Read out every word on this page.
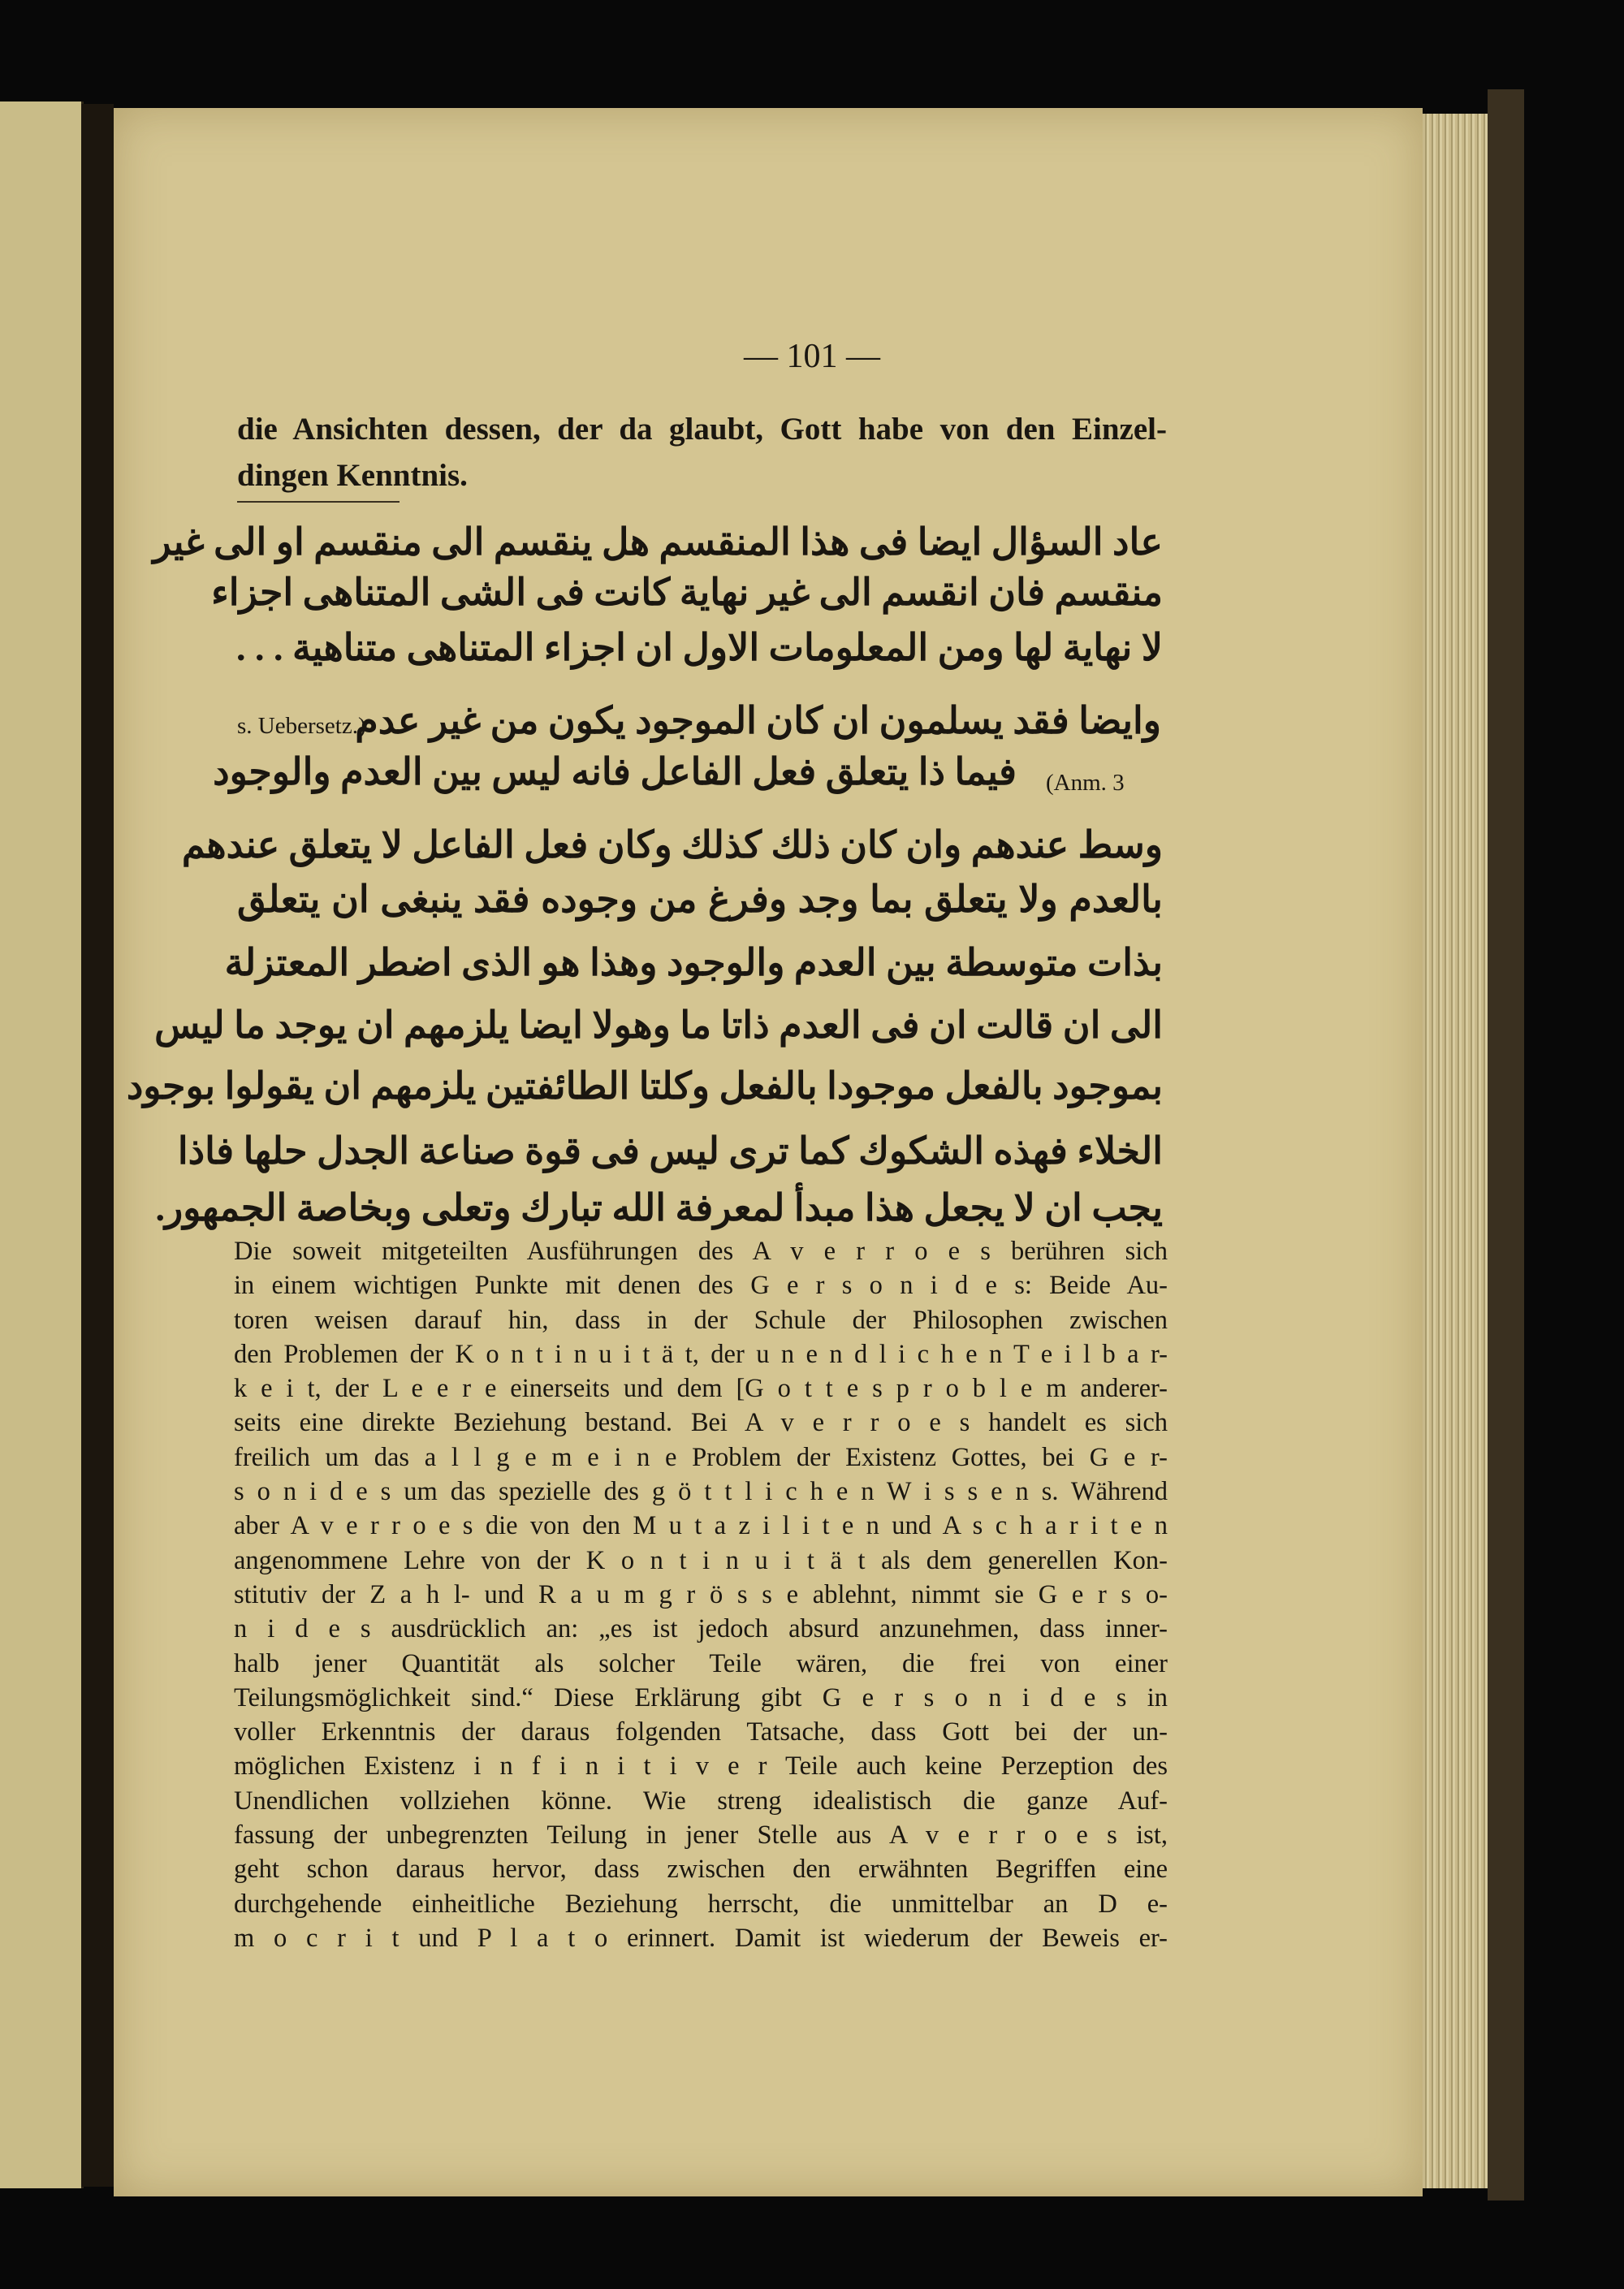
— 101 —
die Ansichten dessen, der da glaubt, Gott habe von den Einzel-
dingen Kenntnis.
عاد السؤال ايضا فى هذا المنقسم هل ينقسم الى منقسم او الى غير
منقسم فان انقسم الى غير نهاية كانت فى الشى المتناهى اجزاء
لا نهاية لها ومن المعلومات الاول ان اجزاء المتناهى متناهية . . .
وايضا فقد يسلمون ان كان الموجود يكون من غير عدم
s. Uebersetz.)
فيما ذا يتعلق فعل الفاعل فانه ليس بين العدم والوجود (Anm. 3
وسط عندهم وان كان ذلك كذلك وكان فعل الفاعل لا يتعلق عندهم
بالعدم ولا يتعلق بما وجد وفرغ من وجوده فقد ينبغى ان يتعلق
بذات متوسطة بين العدم والوجود وهذا هو الذى اضطر المعتزلة
الى ان قالت ان فى العدم ذاتا ما وهولا ايضا يلزمهم ان يوجد ما ليس
بموجود بالفعل موجودا بالفعل وكلتا الطائفتين يلزمهم ان يقولوا بوجود
الخلاء فهذه الشكوك كما ترى ليس فى قوة صناعة الجدل حلها فاذا
يجب ان لا يجعل هذا مبدأ لمعرفة الله تبارك وتعلى وبخاصة الجمهور.
Die soweit mitgeteilten Ausführungen des A v e r r o e s berühren sich
in einem wichtigen Punkte mit denen des G e r s o n i d e s: Beide Au-
toren weisen darauf hin, dass in der Schule der Philosophen zwischen
den Problemen der K o n t i n u i t ä t, der u n e n d l i c h e n T e i l b a r-
k e i t, der L e e r e einerseits und dem [G o t t e s p r o b l e m anderer-
seits eine direkte Beziehung bestand. Bei A v e r r o e s handelt es sich
freilich um das a l l g e m e i n e Problem der Existenz Gottes, bei G e r-
s o n i d e s um das spezielle des g ö t t l i c h e n W i s s e n s. Während
aber A v e r r o e s die von den M u t a z i l i t e n und A s c h a r i t e n
angenommene Lehre von der K o n t i n u i t ä t als dem generellen Kon-
stitutiv der Z a h l- und R a u m g r ö s s e ablehnt, nimmt sie G e r s o-
n i d e s ausdrücklich an: „es ist jedoch absurd anzunehmen, dass inner-
halb jener Quantität als solcher Teile wären, die frei von einer
Teilungsmöglichkeit sind.“ Diese Erklärung gibt G e r s o n i d e s in
voller Erkenntnis der daraus folgenden Tatsache, dass Gott bei der un-
möglichen Existenz i n f i n i t i v e r Teile auch keine Perzeption des
Unendlichen vollziehen könne. Wie streng idealistisch die ganze Auf-
fassung der unbegrenzten Teilung in jener Stelle aus A v e r r o e s ist,
geht schon daraus hervor, dass zwischen den erwähnten Begriffen eine
durchgehende einheitliche Beziehung herrscht, die unmittelbar an D e-
m o c r i t und P l a t o erinnert. Damit ist wiederum der Beweis er-
